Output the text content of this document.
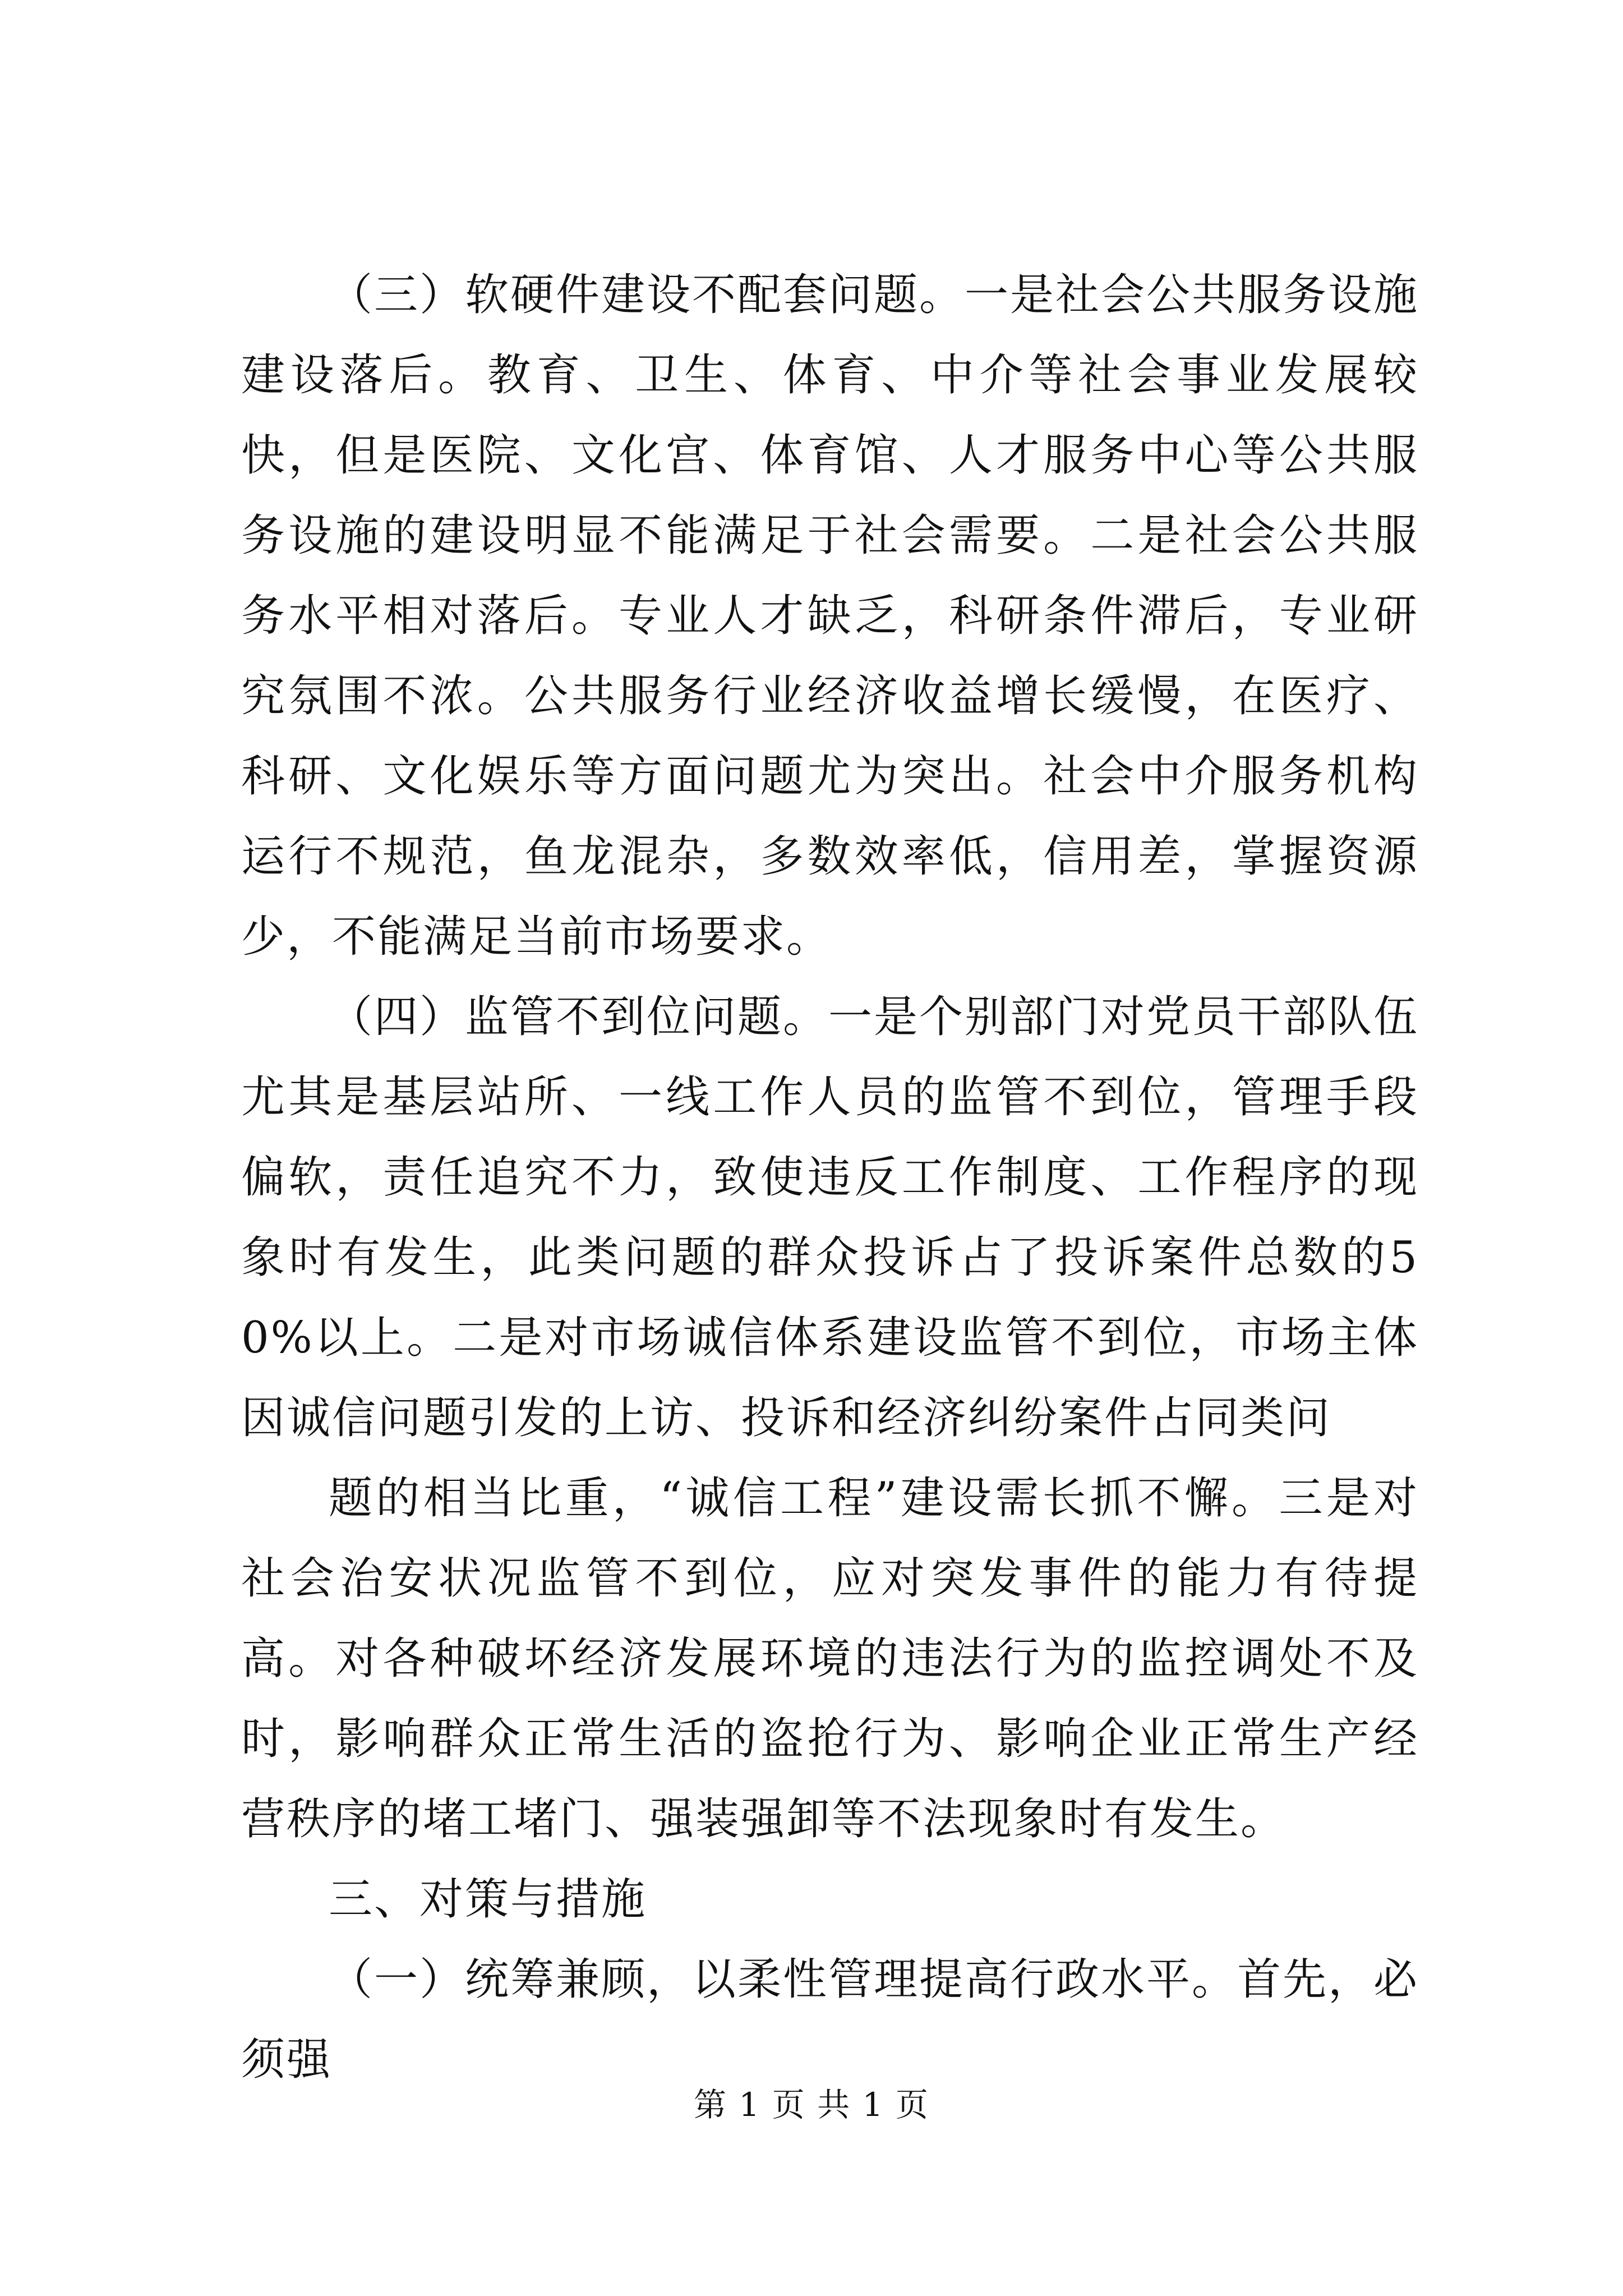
（三）软硬件建设不配套问题。一是社会公共服务设施建设落后。教育、卫生、体育、中介等社会事业发展较快，但是医院、文化宫、体育馆、人才服务中心等公共服务设施的建设明显不能满足于社会需要。二是社会公共服务水平相对落后。专业人才缺乏，科研条件滞后，专业研究氛围不浓。公共服务行业经济收益增长缓慢，在医疗、科研、文化娱乐等方面问题尤为突出。社会中介服务机构运行不规范，鱼龙混杂，多数效率低，信用差，掌握资源少，不能满足当前市场要求。

（四）监管不到位问题。一是个别部门对党员干部队伍尤其是基层站所、一线工作人员的监管不到位，管理手段偏软，责任追究不力，致使违反工作制度、工作程序的现象时有发生，此类问题的群众投诉占了投诉案件总数的50%以上。二是对市场诚信体系建设监管不到位，市场主体因诚信问题引发的上访、投诉和经济纠纷案件占同类问

题的相当比重，“诚信工程”建设需长抓不懈。三是对社会治安状况监管不到位，应对突发事件的能力有待提高。对各种破坏经济发展环境的违法行为的监控调处不及时，影响群众正常生活的盗抢行为、影响企业正常生产经营秩序的堵工堵门、强装强卸等不法现象时有发生。

三、对策与措施

（一）统筹兼顾，以柔性管理提高行政水平。首先，必须强

第 1 页 共 1 页
